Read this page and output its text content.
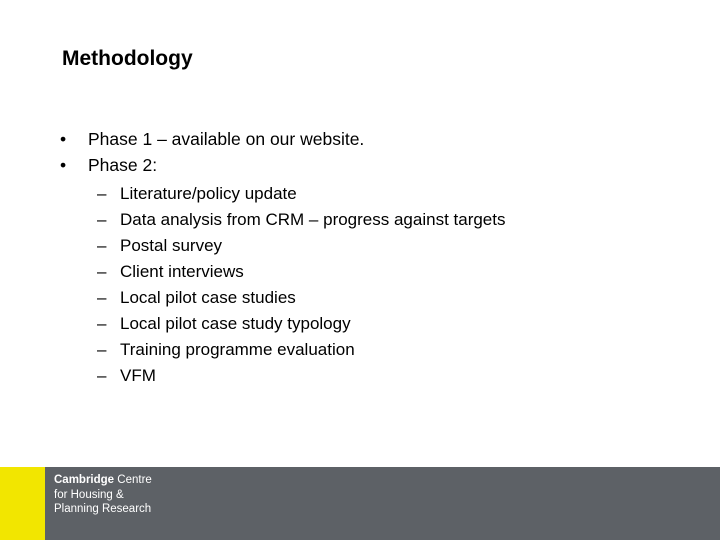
Methodology
•	Phase 1 – available on our website.
•	Phase 2:
– Literature/policy update
– Data analysis from CRM – progress against targets
– Postal survey
– Client interviews
– Local pilot case studies
– Local pilot case study typology
– Training programme evaluation
– VFM
Cambridge Centre
for Housing &
Planning Research
